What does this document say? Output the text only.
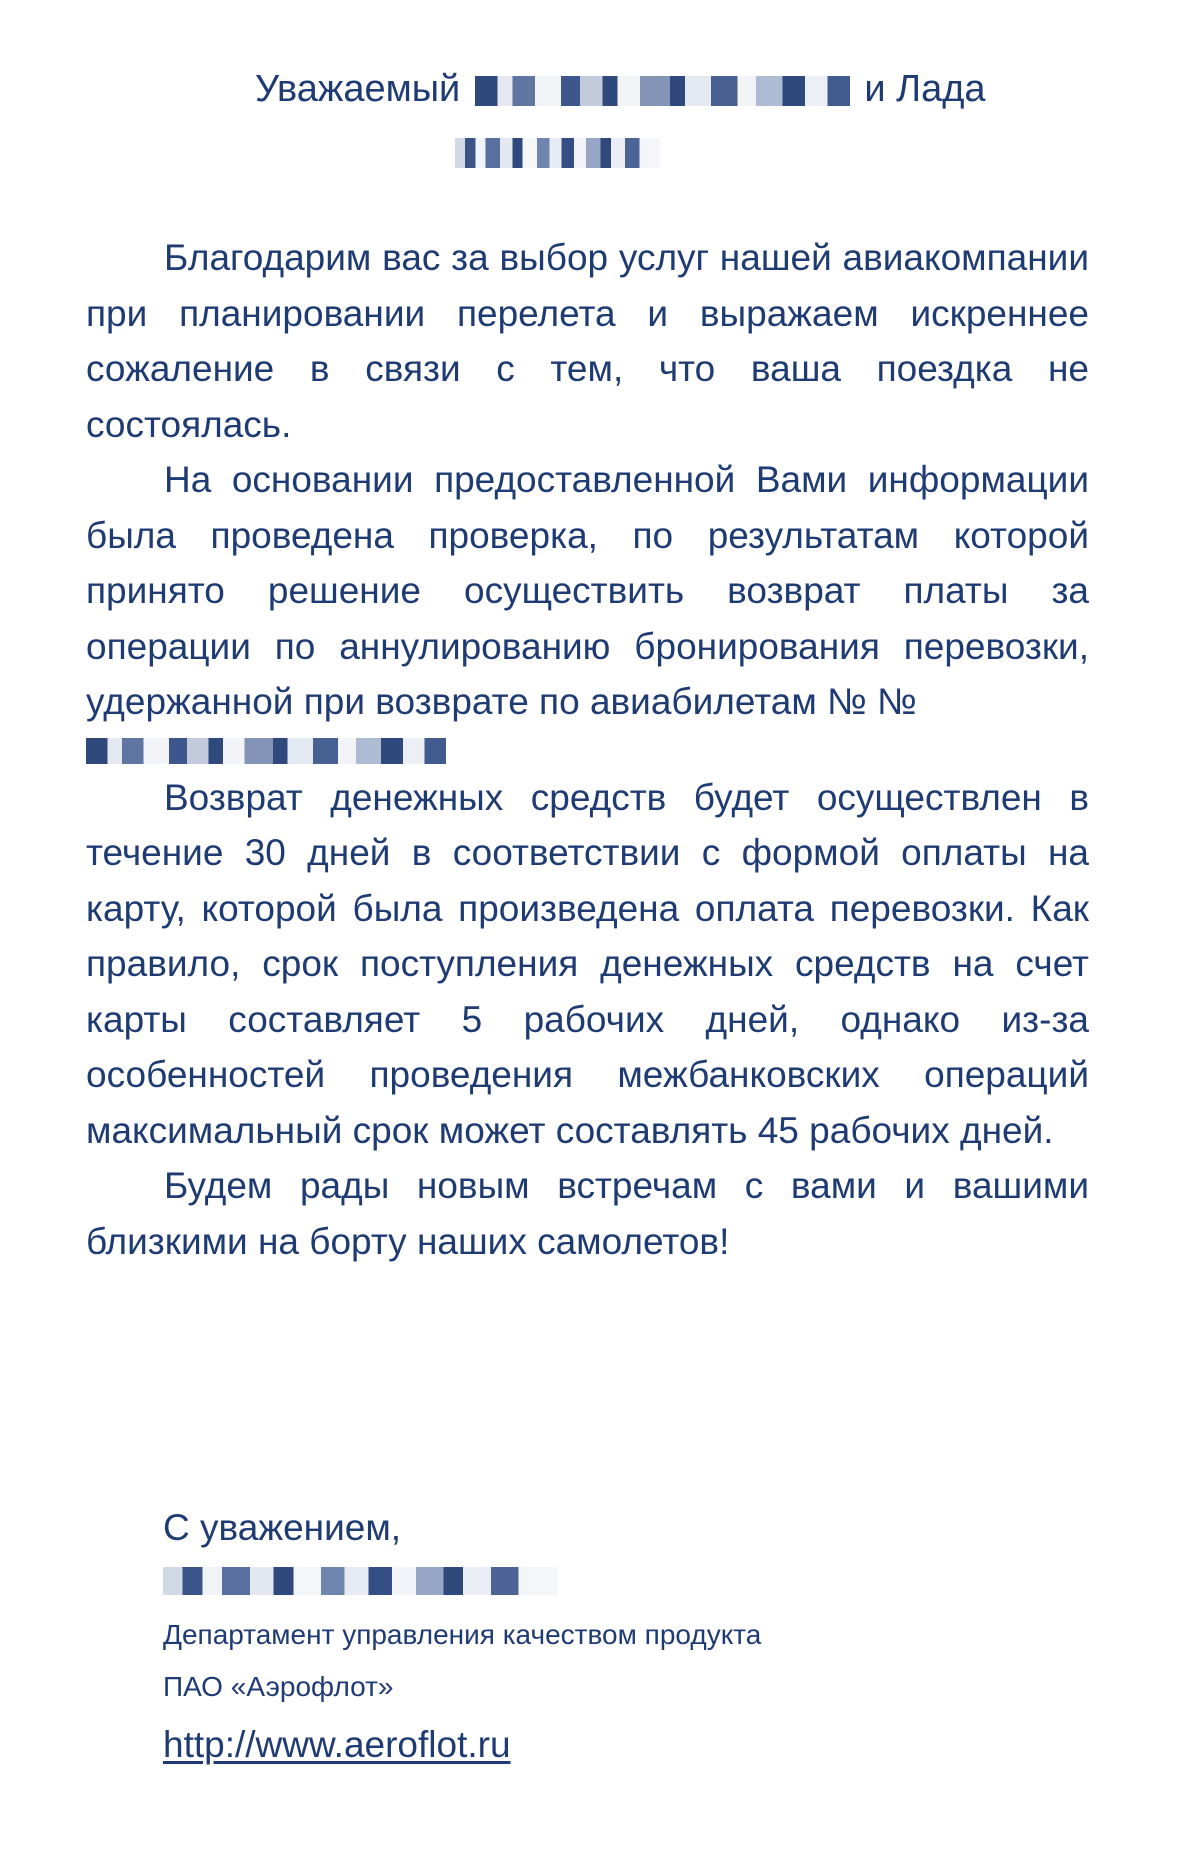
Уважаемый	и Лада

Благодарим вас за выбор услуг нашей авиакомпании при планировании перелета и выражаем искреннее сожаление в связи с тем, что ваша поездка не состоялась.

На основании предоставленной Вами информации была проведена проверка, по результатам которой принято решение осуществить возврат платы за операции по аннулированию бронирования перевозки, удержанной при возврате по авиабилетам № №

Возврат денежных средств будет осуществлен в течение 30 дней в соответствии с формой оплаты на карту, которой была произведена оплата перевозки. Как правило, срок поступления денежных средств на счет карты составляет 5 рабочих дней, однако из-за особенностей проведения межбанковских операций максимальный срок может составлять 45 рабочих дней.

Будем рады новым встречам с вами и вашими близкими на борту наших самолетов!

С уважением,

Департамент управления качеством продукта

ПАО «Аэрофлот»

http://www.aeroflot.ru
